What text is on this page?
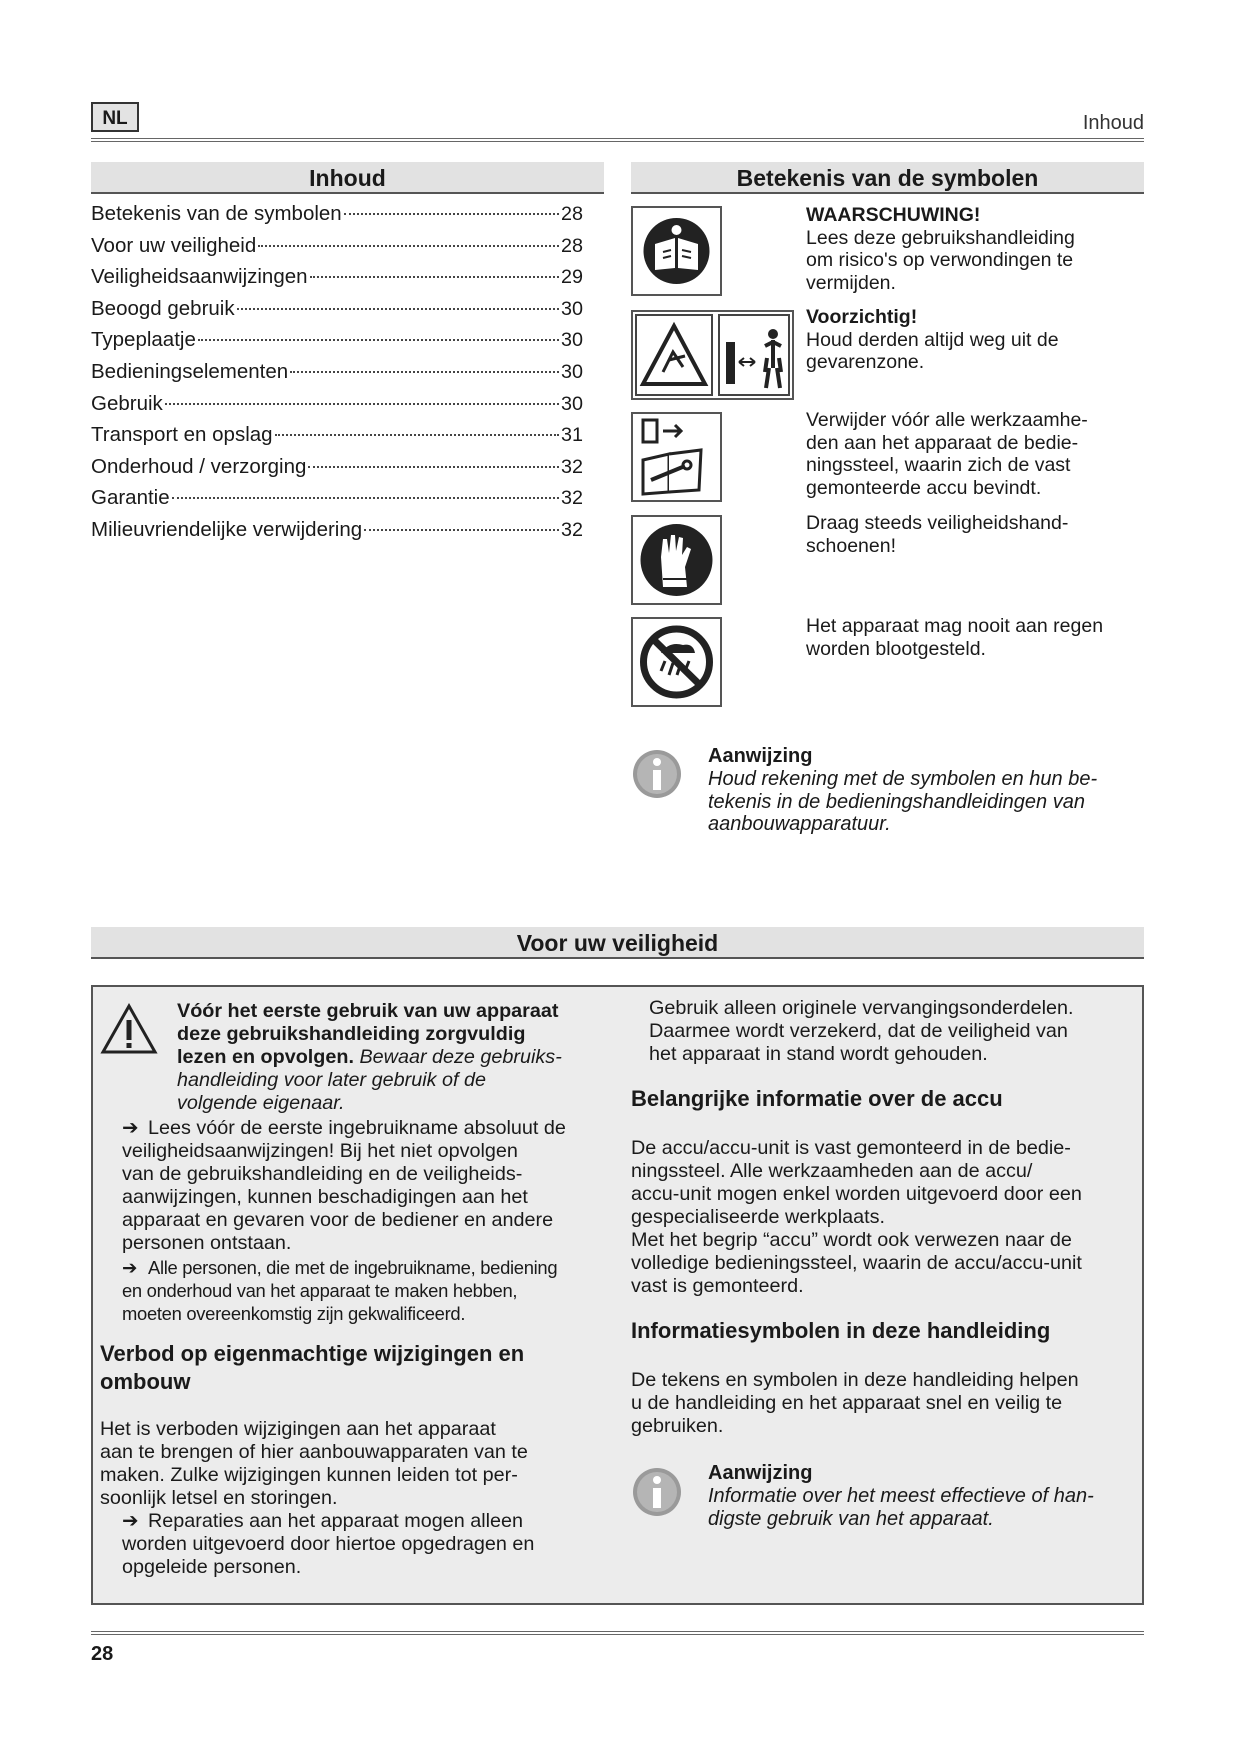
NL	Inhoud
Inhoud
Betekenis van de symbolen	28
Voor uw veiligheid	28
Veiligheidsaanwijzingen	29
Beoogd gebruik	30
Typeplaatje	30
Bedieningselementen	30
Gebruik	30
Transport en opslag	31
Onderhoud / verzorging	32
Garantie	32
Milieuvriendelijke verwijdering	32
Betekenis van de symbolen
WAARSCHUWING!
Lees deze gebruikshandleiding
om risico's op verwondingen te
vermijden.
Voorzichtig!
Houd derden altijd weg uit de
gevarenzone.
Verwijder vóór alle werkzaamhe-
den aan het apparaat de bedie-
ningssteel, waarin zich de vast
gemonteerde accu bevindt.
Draag steeds veiligheidshand-
schoenen!
Het apparaat mag nooit aan regen
worden blootgesteld.
Aanwijzing
Houd rekening met de symbolen en hun be-
tekenis in de bedieningshandleidingen van
aanbouwapparatuur.
Voor uw veiligheid
Vóór het eerste gebruik van uw apparaat
deze gebruikshandleiding zorgvuldig
lezen en opvolgen. Bewaar deze gebruiks-
handleiding voor later gebruik of de
volgende eigenaar.
➔ Lees vóór de eerste ingebruikname absoluut de
veiligheidsaanwijzingen! Bij het niet opvolgen
van de gebruikshandleiding en de veiligheids-
aanwijzingen, kunnen beschadigingen aan het
apparaat en gevaren voor de bediener en andere
personen ontstaan.
➔ Alle personen, die met de ingebruikname, bediening
en onderhoud van het apparaat te maken hebben,
moeten overeenkomstig zijn gekwalificeerd.
Verbod op eigenmachtige wijzigingen en
ombouw
Het is verboden wijzigingen aan het apparaat
aan te brengen of hier aanbouwapparaten van te
maken. Zulke wijzigingen kunnen leiden tot per-
soonlijk letsel en storingen.
➔ Reparaties aan het apparaat mogen alleen
worden uitgevoerd door hiertoe opgedragen en
opgeleide personen.
Gebruik alleen originele vervangingsonderdelen.
Daarmee wordt verzekerd, dat de veiligheid van
het apparaat in stand wordt gehouden.
Belangrijke informatie over de accu
De accu/accu-unit is vast gemonteerd in de bedie-
ningssteel. Alle werkzaamheden aan de accu/
accu-unit mogen enkel worden uitgevoerd door een
gespecialiseerde werkplaats.
Met het begrip “accu” wordt ook verwezen naar de
volledige bedieningssteel, waarin de accu/accu-unit
vast is gemonteerd.
Informatiesymbolen in deze handleiding
De tekens en symbolen in deze handleiding helpen
u de handleiding en het apparaat snel en veilig te
gebruiken.
Aanwijzing
Informatie over het meest effectieve of han-
digste gebruik van het apparaat.
28
